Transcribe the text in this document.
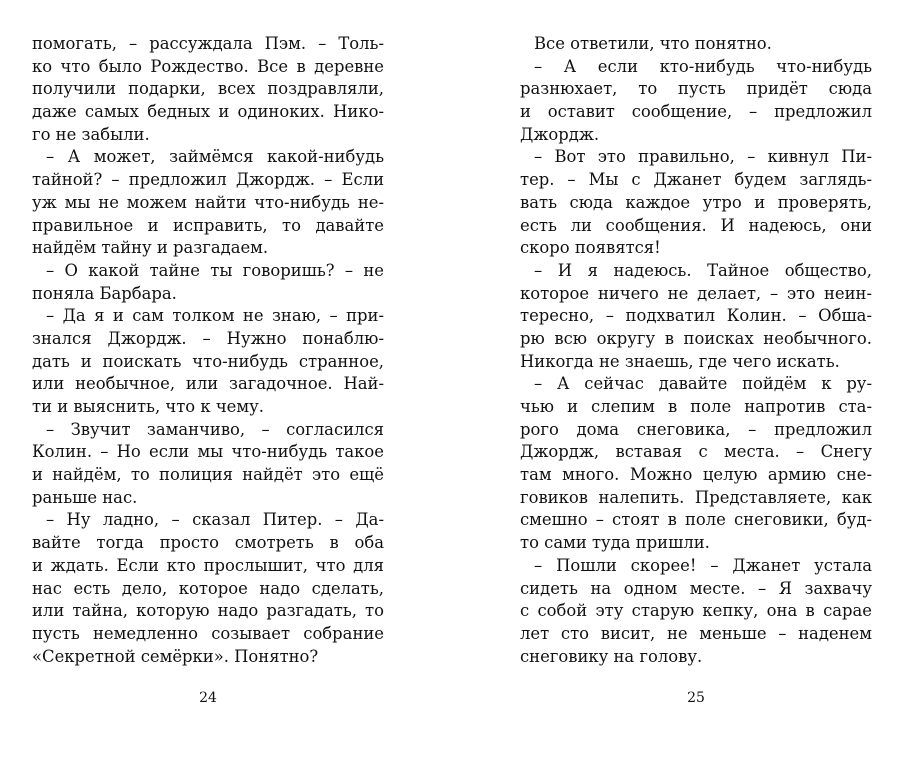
помогать, – рассуждала Пэм. – Толь-
ко что было Рождество. Все в деревне
получили подарки, всех поздравляли,
даже самых бедных и одиноких. Нико-
го не забыли.
– А может, займёмся какой-нибудь
тайной? – предложил Джордж. – Если
уж мы не можем найти что-нибудь не-
правильное и исправить, то давайте
найдём тайну и разгадаем.
– О какой тайне ты говоришь? – не
поняла Барбара.
– Да я и сам толком не знаю, – при-
знался Джордж. – Нужно понаблю-
дать и поискать что-нибудь странное,
или необычное, или загадочное. Най-
ти и выяснить, что к чему.
– Звучит заманчиво, – согласился
Колин. – Но если мы что-нибудь такое
и найдём, то полиция найдёт это ещё
раньше нас.
– Ну ладно, – сказал Питер. – Да-
вайте тогда просто смотреть в оба
и ждать. Если кто прослышит, что для
нас есть дело, которое надо сделать,
или тайна, которую надо разгадать, то
пусть немедленно созывает собрание
«Секретной семёрки». Понятно?
24
Все ответили, что понятно.
– А если кто-нибудь что-нибудь
разнюхает, то пусть придёт сюда
и оставит сообщение, – предложил
Джордж.
– Вот это правильно, – кивнул Пи-
тер. – Мы с Джанет будем заглядь-
вать сюда каждое утро и проверять,
есть ли сообщения. И надеюсь, они
скоро появятся!
– И я надеюсь. Тайное общество,
которое ничего не делает, – это неин-
тересно, – подхватил Колин. – Обша-
рю всю округу в поисках необычного.
Никогда не знаешь, где чего искать.
– А сейчас давайте пойдём к ру-
чью и слепим в поле напротив ста-
рого дома снеговика, – предложил
Джордж, вставая с места. – Снегу
там много. Можно целую армию сне-
говиков налепить. Представляете, как
смешно – стоят в поле снеговики, буд-
то сами туда пришли.
– Пошли скорее! – Джанет устала
сидеть на одном месте. – Я захвачу
с собой эту старую кепку, она в сарае
лет сто висит, не меньше – наденем
снеговику на голову.
25
